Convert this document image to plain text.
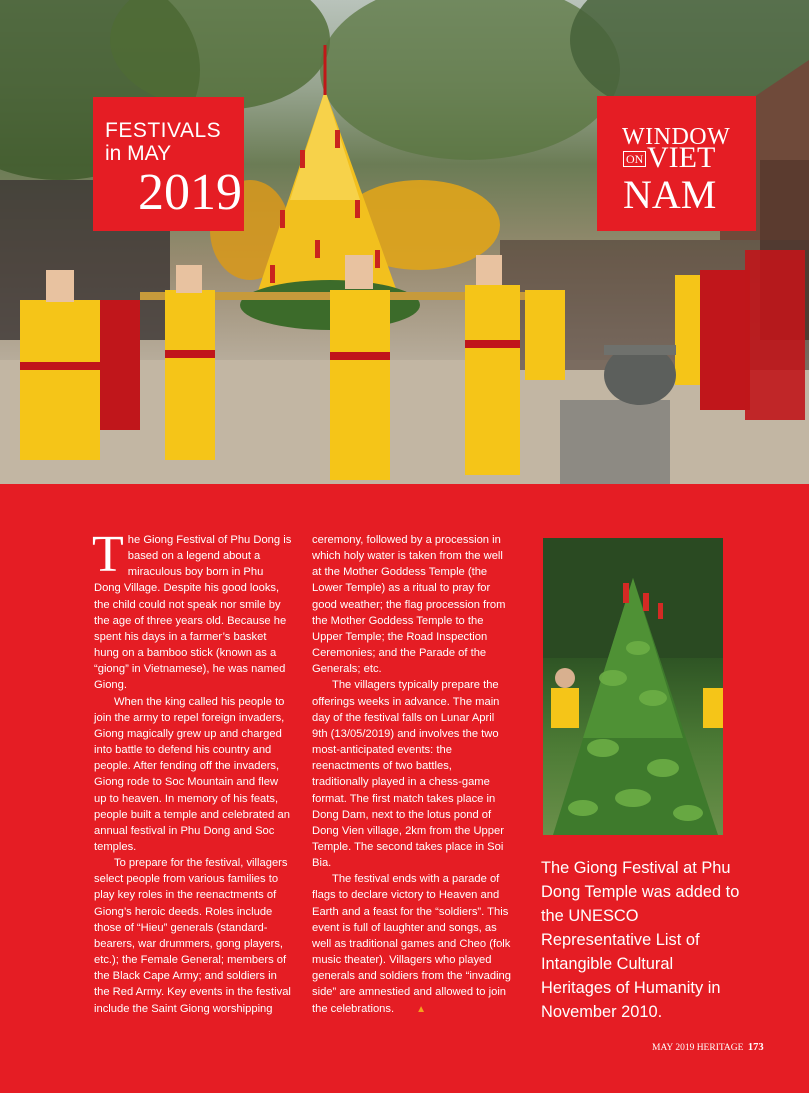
FESTIVALS
in MAY
2019
WINDOW
ON VIET
NAM

The Giong Festival of Phu Dong is based on a legend about a miraculous boy born in Phu Dong Village. Despite his good looks, the child could not speak nor smile by the age of three years old. Because he spent his days in a farmer’s basket hung on a bamboo stick (known as a “giong” in Vietnamese), he was named Giong.

When the king called his people to join the army to repel foreign invaders, Giong magically grew up and charged into battle to defend his country and people. After fending off the invaders, Giong rode to Soc Mountain and flew up to heaven. In memory of his feats, people built a temple and celebrated an annual festival in Phu Dong and Soc temples.

To prepare for the festival, villagers select people from various families to play key roles in the reenactments of Giong’s heroic deeds. Roles include those of “Hieu” generals (standard-bearers, war drummers, gong players, etc.); the Female General; members of the Black Cape Army; and soldiers in the Red Army. Key events in the festival include the Saint Giong worshipping

ceremony, followed by a procession in which holy water is taken from the well at the Mother Goddess Temple (the Lower Temple) as a ritual to pray for good weather; the flag procession from the Mother Goddess Temple to the Upper Temple; the Road Inspection Ceremonies; and the Parade of the Generals; etc.

The villagers typically prepare the offerings weeks in advance. The main day of the festival falls on Lunar April 9th (13/05/2019) and involves the two most-anticipated events: the reenactments of two battles, traditionally played in a chess-game format. The first match takes place in Dong Dam, next to the lotus pond of Dong Vien village, 2km from the Upper Temple. The second takes place in Soi Bia.

The festival ends with a parade of flags to declare victory to Heaven and Earth and a feast for the “soldiers”. This event is full of laughter and songs, as well as traditional games and Cheo (folk music theater). Villagers who played generals and soldiers from the “invading side” are amnestied and allowed to join the celebrations. ▲

The Giong Festival at Phu Dong Temple was added to the UNESCO Representative List of Intangible Cultural Heritages of Humanity in November 2010.
MAY 2019 HERITAGE 173
